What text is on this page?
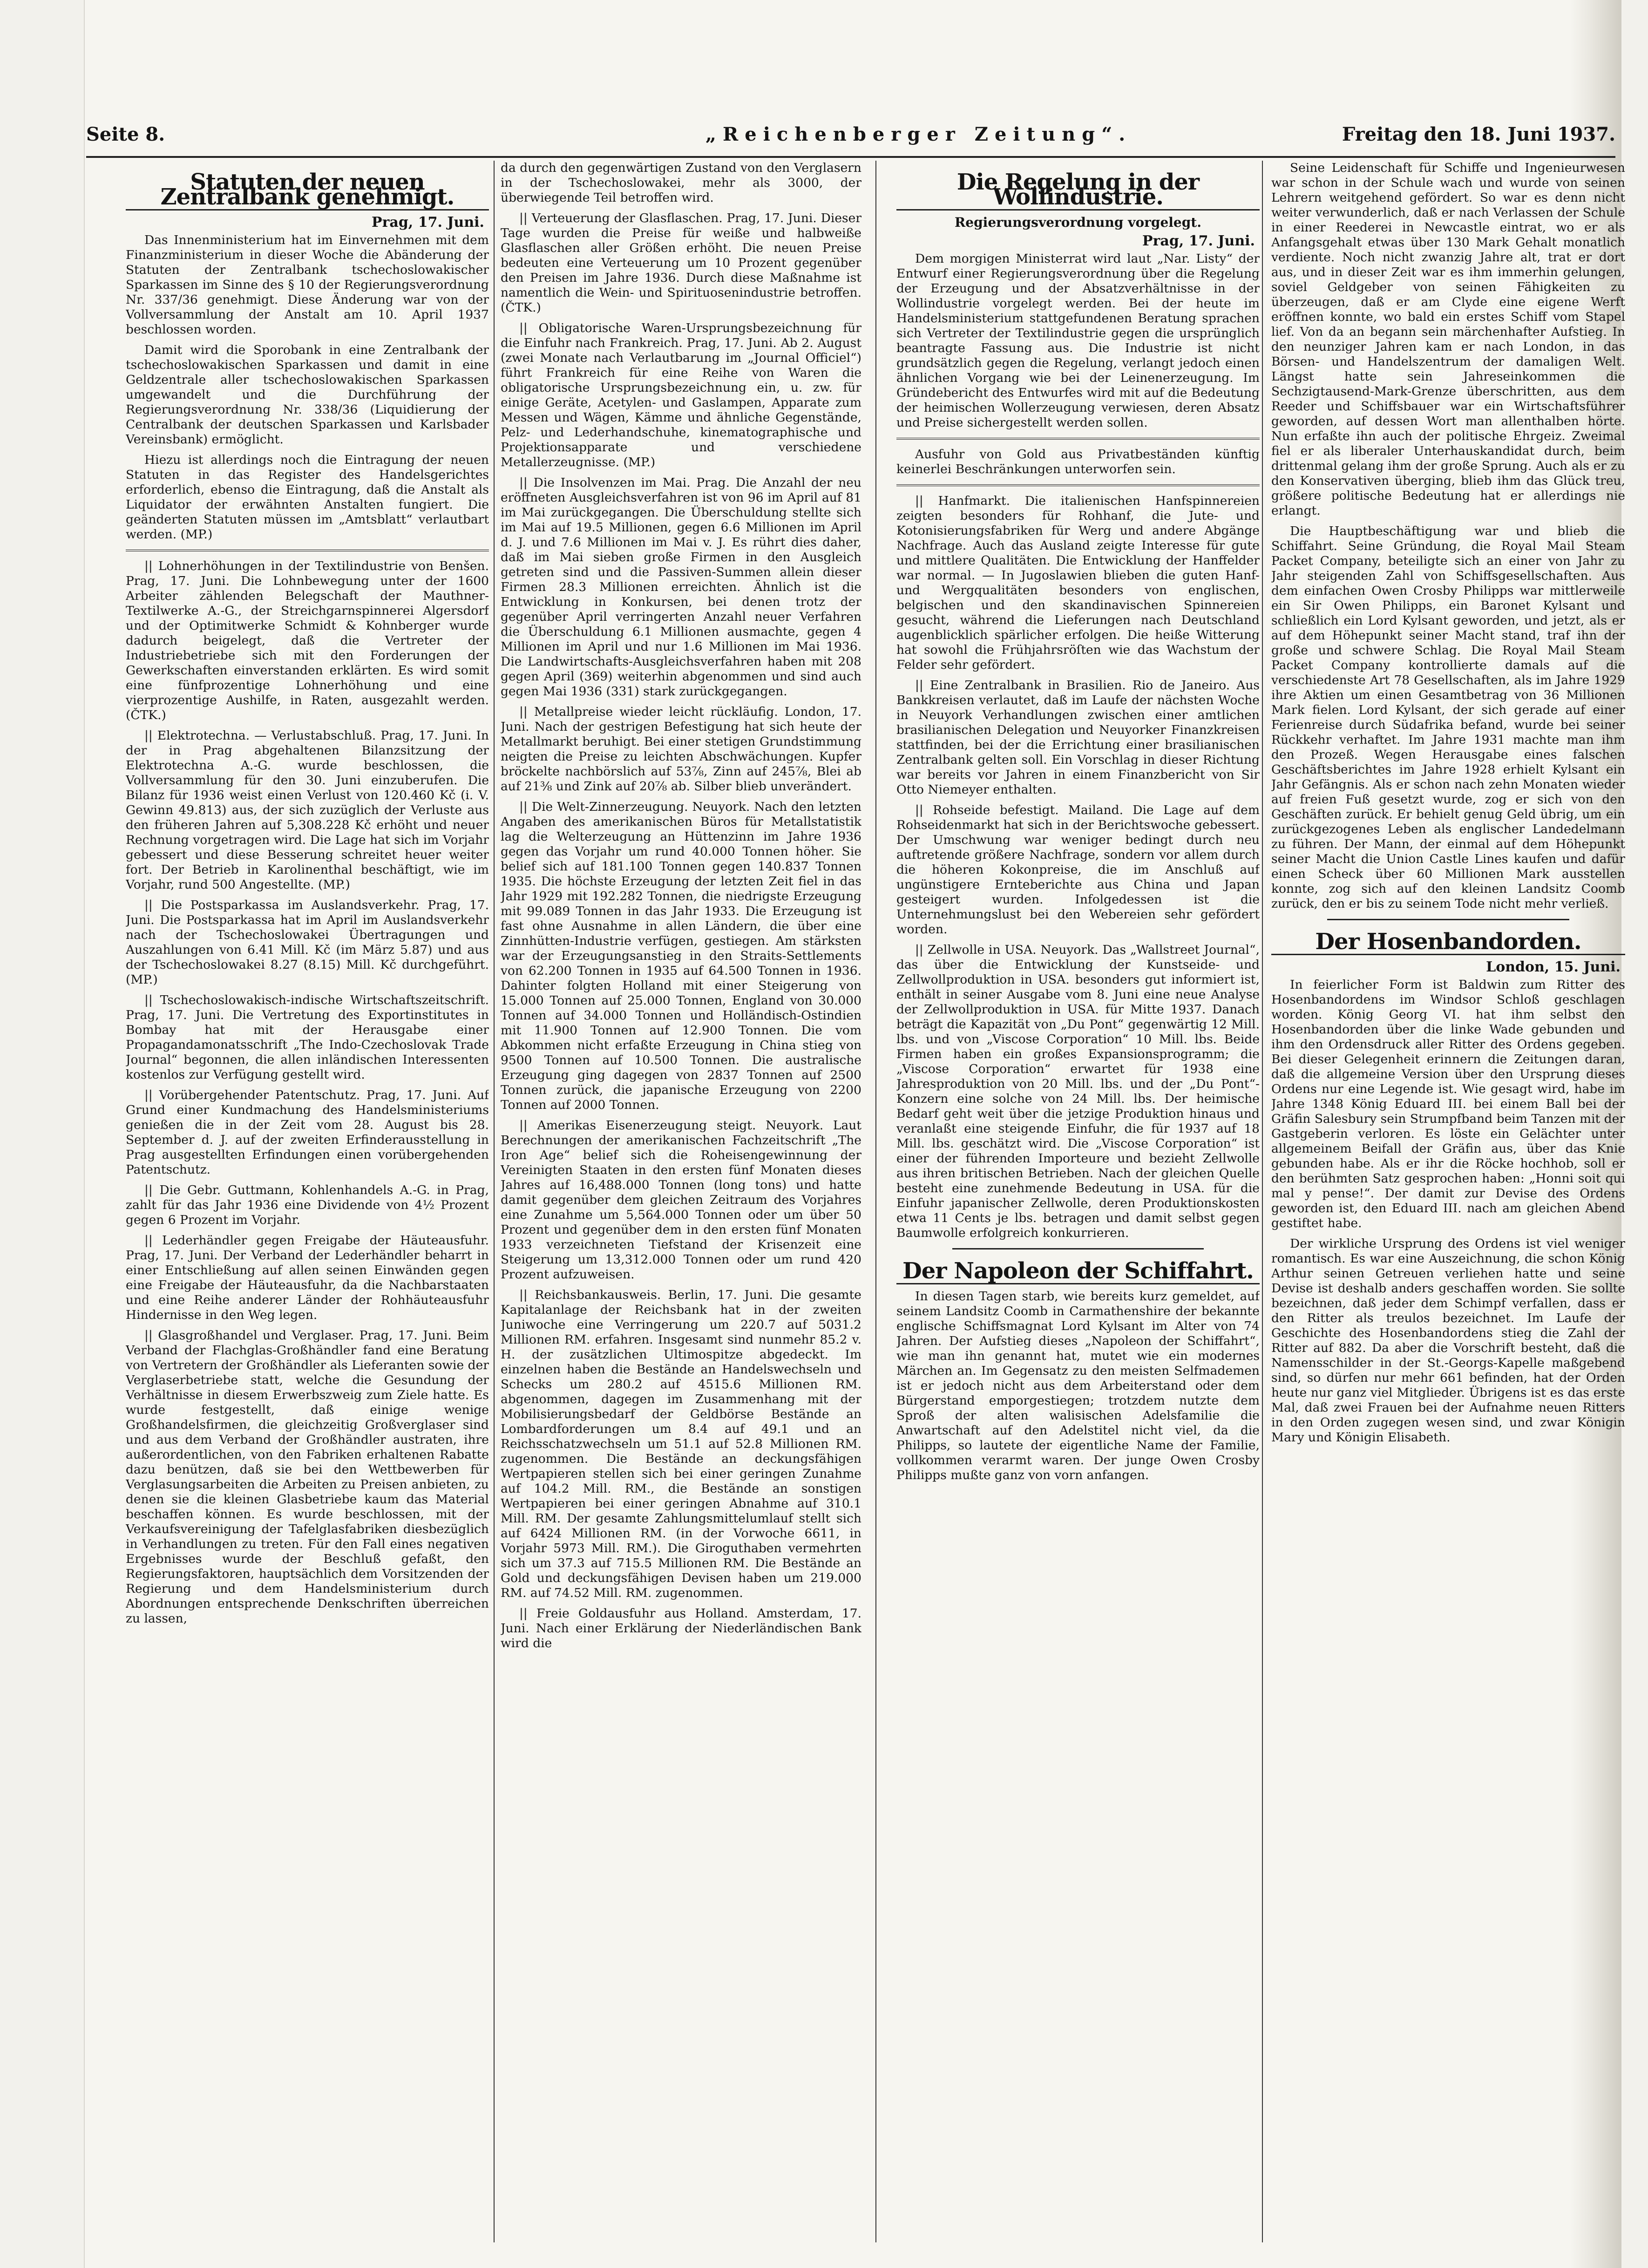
Seite 8.	„Reichenberger Zeitung“.	Freitag den 18. Juni 1937.
Statuten der neuen Zentralbank genehmigt.
Prag, 17. Juni.

Das Innenministerium hat im Einvernehmen mit dem Finanzministerium in dieser Woche die Abänderung der Statuten der Zentralbank tschechoslowakischer Sparkassen im Sinne des § 10 der Regierungsverordnung Nr. 337/36 genehmigt. Diese Änderung war von der Vollversammlung der Anstalt am 10. April 1937 beschlossen worden.

Damit wird die Sporobank in eine Zentralbank der tschechoslowakischen Sparkassen und damit in eine Geldzentrale aller tschechoslowakischen Sparkassen umgewandelt und die Durchführung der Regierungsverordnung Nr. 338/36 (Liquidierung der Centralbank der deutschen Sparkassen und Karlsbader Vereinsbank) ermöglicht.

Hiezu ist allerdings noch die Eintragung der neuen Statuten in das Register des Handelsgerichtes erforderlich, ebenso die Eintragung, daß die Anstalt als Liquidator der erwähnten Anstalten fungiert. Die geänderten Statuten müssen im „Amtsblatt“ verlautbart werden. (MP.)

|| Lohnerhöhungen in der Textilindustrie von Benšen. Prag, 17. Juni. Die Lohnbewegung unter der 1600 Arbeiter zählenden Belegschaft der Mauthner-Textilwerke A.-G., der Streichgarnspinnerei Algersdorf und der Optimitwerke Schmidt & Kohnberger wurde dadurch beigelegt, daß die Vertreter der Industriebetriebe sich mit den Forderungen der Gewerkschaften einverstanden erklärten. Es wird somit eine fünfprozentige Lohnerhöhung und eine vierprozentige Aushilfe, in Raten, ausgezahlt werden. (ČTK.)

|| Elektrotechna. — Verlustabschluß. Prag, 17. Juni. In der in Prag abgehaltenen Bilanzsitzung der Elektrotechna A.-G. wurde beschlossen, die Vollversammlung für den 30. Juni einzuberufen. Die Bilanz für 1936 weist einen Verlust von 120.460 Kč (i. V. Gewinn 49.813) aus, der sich zuzüglich der Verluste aus den früheren Jahren auf 5,308.228 Kč erhöht und neuer Rechnung vorgetragen wird. Die Lage hat sich im Vorjahr gebessert und diese Besserung schreitet heuer weiter fort. Der Betrieb in Karolinenthal beschäftigt, wie im Vorjahr, rund 500 Angestellte. (MP.)

|| Die Postsparkassa im Auslandsverkehr. Prag, 17. Juni. Die Postsparkassa hat im April im Auslandsverkehr nach der Tschechoslowakei Übertragungen und Auszahlungen von 6.41 Mill. Kč (im März 5.87) und aus der Tschechoslowakei 8.27 (8.15) Mill. Kč durchgeführt. (MP.)

|| Tschechoslowakisch-indische Wirtschaftszeitschrift. Prag, 17. Juni. Die Vertretung des Exportinstitutes in Bombay hat mit der Herausgabe einer Propagandamonatsschrift „The Indo-Czechoslovak Trade Journal“ begonnen, die allen inländischen Interessenten kostenlos zur Verfügung gestellt wird.

|| Vorübergehender Patentschutz. Prag, 17. Juni. Auf Grund einer Kundmachung des Handelsministeriums genießen die in der Zeit vom 28. August bis 28. September d. J. auf der zweiten Erfinderausstellung in Prag ausgestellten Erfindungen einen vorübergehenden Patentschutz.

|| Die Gebr. Guttmann, Kohlenhandels A.-G. in Prag, zahlt für das Jahr 1936 eine Dividende von 4½ Prozent gegen 6 Prozent im Vorjahr.

|| Lederhändler gegen Freigabe der Häuteausfuhr. Prag, 17. Juni. Der Verband der Lederhändler beharrt in einer Entschließung auf allen seinen Einwänden gegen eine Freigabe der Häuteausfuhr, da die Nachbarstaaten und eine Reihe anderer Länder der Rohhäuteausfuhr Hindernisse in den Weg legen.

|| Glasgroßhandel und Verglaser. Prag, 17. Juni. Beim Verband der Flachglas-Großhändler fand eine Beratung von Vertretern der Großhändler als Lieferanten sowie der Verglaserbetriebe statt, welche die Gesundung der Verhältnisse in diesem Erwerbszweig zum Ziele hatte. Es wurde festgestellt, daß einige wenige Großhandelsfirmen, die gleichzeitig Großverglaser sind und aus dem Verband der Großhändler austraten, ihre außerordentlichen, von den Fabriken erhaltenen Rabatte dazu benützen, daß sie bei den Wettbewerben für Verglasungsarbeiten die Arbeiten zu Preisen anbieten, zu denen sie die kleinen Glasbetriebe kaum das Material beschaffen können. Es wurde beschlossen, mit der Verkaufsvereinigung der Tafelglasfabriken diesbezüglich in Verhandlungen zu treten. Für den Fall eines negativen Ergebnisses wurde der Beschluß gefaßt, den Regierungsfaktoren, hauptsächlich dem Vorsitzenden der Regierung und dem Handelsministerium durch Abordnungen entsprechende Denkschriften überreichen zu lassen,

da durch den gegenwärtigen Zustand von den Verglasern in der Tschechoslowakei, mehr als 3000, der überwiegende Teil betroffen wird.

|| Verteuerung der Glasflaschen. Prag, 17. Juni. Dieser Tage wurden die Preise für weiße und halbweiße Glasflaschen aller Größen erhöht. Die neuen Preise bedeuten eine Verteuerung um 10 Prozent gegenüber den Preisen im Jahre 1936. Durch diese Maßnahme ist namentlich die Wein- und Spirituosenindustrie betroffen. (ČTK.)

|| Obligatorische Waren-Ursprungsbezeichnung für die Einfuhr nach Frankreich. Prag, 17. Juni. Ab 2. August (zwei Monate nach Verlautbarung im „Journal Officiel“) führt Frankreich für eine Reihe von Waren die obligatorische Ursprungsbezeichnung ein, u. zw. für einige Geräte, Acetylen- und Gaslampen, Apparate zum Messen und Wägen, Kämme und ähnliche Gegenstände, Pelz- und Lederhandschuhe, kinematographische und Projektionsapparate und verschiedene Metallerzeugnisse. (MP.)

|| Die Insolvenzen im Mai. Prag. Die Anzahl der neu eröffneten Ausgleichsverfahren ist von 96 im April auf 81 im Mai zurückgegangen. Die Überschuldung stellte sich im Mai auf 19.5 Millionen, gegen 6.6 Millionen im April d. J. und 7.6 Millionen im Mai v. J. Es rührt dies daher, daß im Mai sieben große Firmen in den Ausgleich getreten sind und die Passiven-Summen allein dieser Firmen 28.3 Millionen erreichten. Ähnlich ist die Entwicklung in Konkursen, bei denen trotz der gegenüber April verringerten Anzahl neuer Verfahren die Überschuldung 6.1 Millionen ausmachte, gegen 4 Millionen im April und nur 1.6 Millionen im Mai 1936. Die Landwirtschafts-Ausgleichsverfahren haben mit 208 gegen April (369) weiterhin abgenommen und sind auch gegen Mai 1936 (331) stark zurückgegangen.

|| Metallpreise wieder leicht rückläufig. London, 17. Juni. Nach der gestrigen Befestigung hat sich heute der Metallmarkt beruhigt. Bei einer stetigen Grundstimmung neigten die Preise zu leichten Abschwächungen. Kupfer bröckelte nachbörslich auf 53⅞, Zinn auf 245⅞, Blei ab auf 21⅜ und Zink auf 20⅞ ab. Silber blieb unverändert.

|| Die Welt-Zinnerzeugung. Neuyork. Nach den letzten Angaben des amerikanischen Büros für Metallstatistik lag die Welterzeugung an Hüttenzinn im Jahre 1936 gegen das Vorjahr um rund 40.000 Tonnen höher. Sie belief sich auf 181.100 Tonnen gegen 140.837 Tonnen 1935. Die höchste Erzeugung der letzten Zeit fiel in das Jahr 1929 mit 192.282 Tonnen, die niedrigste Erzeugung mit 99.089 Tonnen in das Jahr 1933. Die Erzeugung ist fast ohne Ausnahme in allen Ländern, die über eine Zinnhütten-Industrie verfügen, gestiegen. Am stärksten war der Erzeugungsanstieg in den Straits-Settlements von 62.200 Tonnen in 1935 auf 64.500 Tonnen in 1936. Dahinter folgten Holland mit einer Steigerung von 15.000 Tonnen auf 25.000 Tonnen, England von 30.000 Tonnen auf 34.000 Tonnen und Holländisch-Ostindien mit 11.900 Tonnen auf 12.900 Tonnen. Die vom Abkommen nicht erfaßte Erzeugung in China stieg von 9500 Tonnen auf 10.500 Tonnen. Die australische Erzeugung ging dagegen von 2837 Tonnen auf 2500 Tonnen zurück, die japanische Erzeugung von 2200 Tonnen auf 2000 Tonnen.

|| Amerikas Eisenerzeugung steigt. Neuyork. Laut Berechnungen der amerikanischen Fachzeitschrift „The Iron Age“ belief sich die Roheisengewinnung der Vereinigten Staaten in den ersten fünf Monaten dieses Jahres auf 16,488.000 Tonnen (long tons) und hatte damit gegenüber dem gleichen Zeitraum des Vorjahres eine Zunahme um 5,564.000 Tonnen oder um über 50 Prozent und gegenüber dem in den ersten fünf Monaten 1933 verzeichneten Tiefstand der Krisenzeit eine Steigerung um 13,312.000 Tonnen oder um rund 420 Prozent aufzuweisen.

|| Reichsbankausweis. Berlin, 17. Juni. Die gesamte Kapitalanlage der Reichsbank hat in der zweiten Juniwoche eine Verringerung um 220.7 auf 5031.2 Millionen RM. erfahren. Insgesamt sind nunmehr 85.2 v. H. der zusätzlichen Ultimospitze abgedeckt. Im einzelnen haben die Bestände an Handelswechseln und Schecks um 280.2 auf 4515.6 Millionen RM. abgenommen, dagegen im Zusammenhang mit der Mobilisierungsbedarf der Geldbörse Bestände an Lombardforderungen um 8.4 auf 49.1 und an Reichsschatzwechseln um 51.1 auf 52.8 Millionen RM. zugenommen. Die Bestände an deckungsfähigen Wertpapieren stellen sich bei einer geringen Zunahme auf 104.2 Mill. RM., die Bestände an sonstigen Wertpapieren bei einer geringen Abnahme auf 310.1 Mill. RM. Der gesamte Zahlungsmittelumlauf stellt sich auf 6424 Millionen RM. (in der Vorwoche 6611, in Vorjahr 5973 Mill. RM.). Die Giroguthaben vermehrten sich um 37.3 auf 715.5 Millionen RM. Die Bestände an Gold und deckungsfähigen Devisen haben um 219.000 RM. auf 74.52 Mill. RM. zugenommen.

|| Freie Goldausfuhr aus Holland. Amsterdam, 17. Juni. Nach einer Erklärung der Niederländischen Bank wird die

Die Regelung in der Wollindustrie.
Regierungsverordnung vorgelegt.
Prag, 17. Juni.

Dem morgigen Ministerrat wird laut „Nar. Listy“ der Entwurf einer Regierungsverordnung über die Regelung der Erzeugung und der Absatzverhältnisse in der Wollindustrie vorgelegt werden. Bei der heute im Handelsministerium stattgefundenen Beratung sprachen sich Vertreter der Textilindustrie gegen die ursprünglich beantragte Fassung aus. Die Industrie ist nicht grundsätzlich gegen die Regelung, verlangt jedoch einen ähnlichen Vorgang wie bei der Leinenerzeugung. Im Gründebericht des Entwurfes wird mit auf die Bedeutung der heimischen Wollerzeugung verwiesen, deren Absatz und Preise sichergestellt werden sollen.

Ausfuhr von Gold aus Privatbeständen künftig keinerlei Beschränkungen unterworfen sein.

|| Hanfmarkt. Die italienischen Hanfspinnereien zeigten besonders für Rohhanf, die Jute- und Kotonisierungsfabriken für Werg und andere Abgänge Nachfrage. Auch das Ausland zeigte Interesse für gute und mittlere Qualitäten. Die Entwicklung der Hanffelder war normal. — In Jugoslawien blieben die guten Hanf- und Wergqualitäten besonders von englischen, belgischen und den skandinavischen Spinnereien gesucht, während die Lieferungen nach Deutschland augenblicklich spärlicher erfolgen. Die heiße Witterung hat sowohl die Frühjahrsröſten wie das Wachstum der Felder sehr gefördert.

|| Eine Zentralbank in Brasilien. Rio de Janeiro. Aus Bankkreisen verlautet, daß im Laufe der nächsten Woche in Neuyork Verhandlungen zwischen einer amtlichen brasilianischen Delegation und Neuyorker Finanzkreisen stattfinden, bei der die Errichtung einer brasilianischen Zentralbank gelten soll. Ein Vorschlag in dieser Richtung war bereits vor Jahren in einem Finanzbericht von Sir Otto Niemeyer enthalten.

|| Rohseide befestigt. Mailand. Die Lage auf dem Rohseidenmarkt hat sich in der Berichtswoche gebessert. Der Umschwung war weniger bedingt durch neu auftretende größere Nachfrage, sondern vor allem durch die höheren Kokonpreise, die im Anschluß auf ungünstigere Ernteberichte aus China und Japan gesteigert wurden. Infolgedessen ist die Unternehmungslust bei den Webereien sehr gefördert worden.

|| Zellwolle in USA. Neuyork. Das „Wallstreet Journal“, das über die Entwicklung der Kunstseide- und Zellwollproduktion in USA. besonders gut informiert ist, enthält in seiner Ausgabe vom 8. Juni eine neue Analyse der Zellwollproduktion in USA. für Mitte 1937. Danach beträgt die Kapazität von „Du Pont“ gegenwärtig 12 Mill. lbs. und von „Viscose Corporation“ 10 Mill. lbs. Beide Firmen haben ein großes Expansionsprogramm; die „Viscose Corporation“ erwartet für 1938 eine Jahresproduktion von 20 Mill. lbs. und der „Du Pont“-Konzern eine solche von 24 Mill. lbs. Der heimische Bedarf geht weit über die jetzige Produktion hinaus und veranlaßt eine steigende Einfuhr, die für 1937 auf 18 Mill. lbs. geschätzt wird. Die „Viscose Corporation“ ist einer der führenden Importeure und bezieht Zellwolle aus ihren britischen Betrieben. Nach der gleichen Quelle besteht eine zunehmende Bedeutung in USA. für die Einfuhr japanischer Zellwolle, deren Produktionskosten etwa 11 Cents je lbs. betragen und damit selbst gegen Baumwolle erfolgreich konkurrieren.

Der Napoleon der Schiffahrt.

In diesen Tagen starb, wie bereits kurz gemeldet, auf seinem Landsitz Coomb in Carmathenshire der bekannte englische Schiffsmagnat Lord Kylsant im Alter von 74 Jahren. Der Aufstieg dieses „Napoleon der Schiffahrt“, wie man ihn genannt hat, mutet wie ein modernes Märchen an. Im Gegensatz zu den meisten Selfmademen ist er jedoch nicht aus dem Arbeiterstand oder dem Bürgerstand emporgestiegen; trotzdem nutzte dem Sproß der alten walisischen Adelsfamilie die Anwartschaft auf den Adelstitel nicht viel, da die Philipps, so lautete der eigentliche Name der Familie, vollkommen verarmt waren. Der junge Owen Crosby Philipps mußte ganz von vorn anfangen.

Seine Leidenschaft für Schiffe und Ingenieurwesen war schon in der Schule wach und wurde von seinen Lehrern weitgehend gefördert. So war es denn nicht weiter verwunderlich, daß er nach Verlassen der Schule in einer Reederei in Newcastle eintrat, wo er als Anfangsgehalt etwas über 130 Mark Gehalt monatlich verdiente. Noch nicht zwanzig Jahre alt, trat er dort aus, und in dieser Zeit war es ihm immerhin gelungen, soviel Geldgeber von seinen Fähigkeiten zu überzeugen, daß er am Clyde eine eigene Werft eröffnen konnte, wo bald ein erstes Schiff vom Stapel lief. Von da an begann sein märchenhafter Aufstieg. In den neunziger Jahren kam er nach London, in das Börsen- und Handelszentrum der damaligen Welt. Längst hatte sein Jahreseinkommen die Sechzigtausend-Mark-Grenze überschritten, aus dem Reeder und Schiffsbauer war ein Wirtschaftsführer geworden, auf dessen Wort man allenthalben hörte. Nun erfaßte ihn auch der politische Ehrgeiz. Zweimal fiel er als liberaler Unterhauskandidat durch, beim drittenmal gelang ihm der große Sprung. Auch als er zu den Konservativen überging, blieb ihm das Glück treu, größere politische Bedeutung hat er allerdings nie erlangt.

Die Hauptbeschäftigung war und blieb die Schiffahrt. Seine Gründung, die Royal Mail Steam Packet Company, beteiligte sich an einer von Jahr zu Jahr steigenden Zahl von Schiffsgesellschaften. Aus dem einfachen Owen Crosby Philipps war mittlerweile ein Sir Owen Philipps, ein Baronet Kylsant und schließlich ein Lord Kylsant geworden, und jetzt, als er auf dem Höhepunkt seiner Macht stand, traf ihn der große und schwere Schlag. Die Royal Mail Steam Packet Company kontrollierte damals auf die verschiedenste Art 78 Gesellschaften, als im Jahre 1929 ihre Aktien um einen Gesamtbetrag von 36 Millionen Mark fielen. Lord Kylsant, der sich gerade auf einer Ferienreise durch Südafrika befand, wurde bei seiner Rückkehr verhaftet. Im Jahre 1931 machte man ihm den Prozeß. Wegen Herausgabe eines falschen Geschäftsberichtes im Jahre 1928 erhielt Kylsant ein Jahr Gefängnis. Als er schon nach zehn Monaten wieder auf freien Fuß gesetzt wurde, zog er sich von den Geschäften zurück. Er behielt genug Geld übrig, um ein zurückgezogenes Leben als englischer Landedelmann zu führen. Der Mann, der einmal auf dem Höhepunkt seiner Macht die Union Castle Lines kaufen und dafür einen Scheck über 60 Millionen Mark ausstellen konnte, zog sich auf den kleinen Landsitz Coomb zurück, den er bis zu seinem Tode nicht mehr verließ.

Der Hosenbandorden.
London, 15. Juni.

In feierlicher Form ist Baldwin zum Ritter des Hosenbandordens im Windsor Schloß geschlagen worden. König Georg VI. hat ihm selbst den Hosenbandorden über die linke Wade gebunden und ihm den Ordensdruck aller Ritter des Ordens gegeben. Bei dieser Gelegenheit erinnern die Zeitungen daran, daß die allgemeine Version über den Ursprung dieses Ordens nur eine Legende ist. Wie gesagt wird, habe im Jahre 1348 König Eduard III. bei einem Ball bei der Gräfin Salesbury sein Strumpfband beim Tanzen mit der Gastgeberin verloren. Es löste ein Gelächter unter allgemeinem Beifall der Gräfin aus, über das Knie gebunden habe. Als er ihr die Röcke hochhob, soll er den berühmten Satz gesprochen haben: „Honni soit qui mal y pense!“. Der damit zur Devise des Ordens geworden ist, den Eduard III. nach am gleichen Abend gestiftet habe.

Der wirkliche Ursprung des Ordens ist viel weniger romantisch. Es war eine Auszeichnung, die schon König Arthur seinen Getreuen verliehen hatte und seine Devise ist deshalb anders geschaffen worden. Sie sollte bezeichnen, daß jeder dem Schimpf verfallen, dass er den Ritter als treulos bezeichnet. Im Laufe der Geschichte des Hosenbandordens stieg die Zahl der Ritter auf 882. Da aber die Vorschrift besteht, daß die Namensschilder in der St.-Georgs-Kapelle maßgebend sind, so dürfen nur mehr 661 befinden, hat der Orden heute nur ganz viel Mitglieder. Übrigens ist es das erste Mal, daß zwei Frauen bei der Aufnahme neuen Ritters in den Orden zugegen wesen sind, und zwar Königin Mary und Königin Elisabeth.
